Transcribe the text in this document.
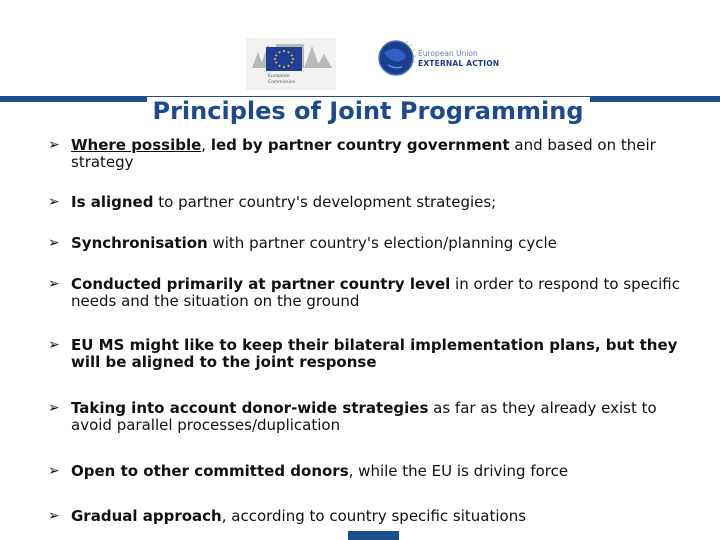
European
Commission
European Union
EXTERNAL ACTION
Principles of Joint Programming
➢ Where possible, led by partner country government and based on their strategy
➢ Is aligned to partner country's development strategies;
➢ Synchronisation with partner country's election/planning cycle
➢ Conducted primarily at partner country level in order to respond to specific needs and the situation on the ground
➢ EU MS might like to keep their bilateral implementation plans, but they will be aligned to the joint response
➢ Taking into account donor-wide strategies as far as they already exist to avoid parallel processes/duplication
➢ Open to other committed donors, while the EU is driving force
➢ Gradual approach, according to country specific situations
